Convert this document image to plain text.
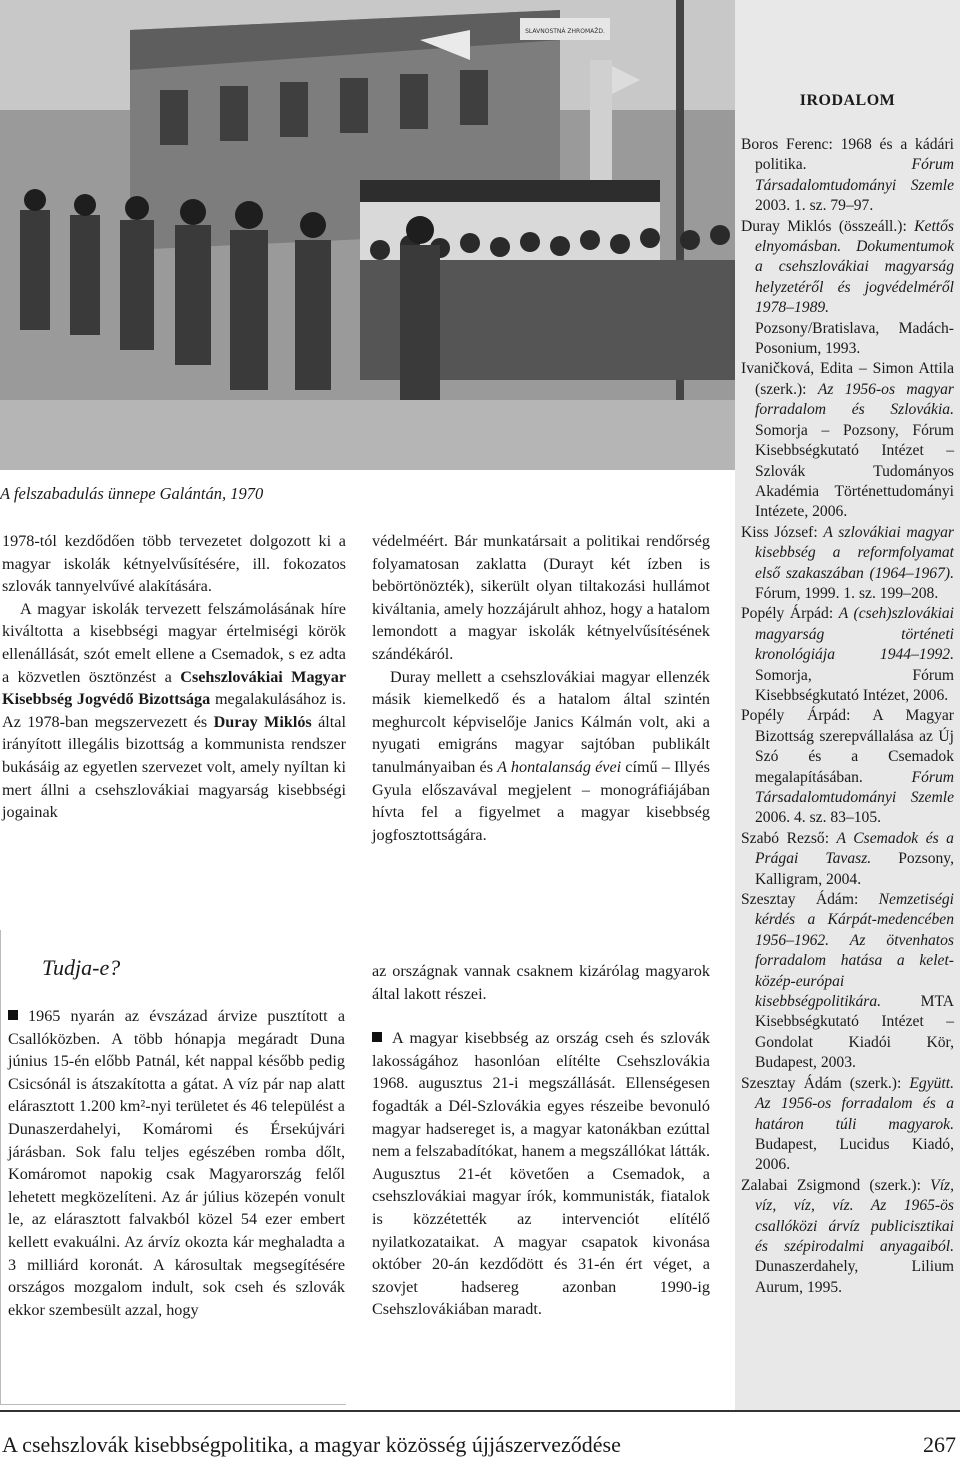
SLAVNOSTNÁ ZHROMAŽD.
A felszabadulás ünnepe Galántán, 1970

1978-tól kezdődően több tervezetet dolgozott ki a magyar iskolák kétnyelvűsítésére, ill. fokozatos szlovák tannyelvűvé alakítására.

A magyar iskolák tervezett felszámolásának híre kiváltotta a kisebbségi magyar értelmiségi körök ellenállását, szót emelt ellene a Csemadok, s ez adta a közvetlen ösztönzést a Csehszlovákiai Magyar Kisebbség Jogvédő Bizottsága megalakulásához is. Az 1978-ban megszervezett és Duray Miklós által irányított illegális bizottság a kommunista rendszer bukásáig az egyetlen szervezet volt, amely nyíltan ki mert állni a csehszlovákiai magyarság kisebbségi jogainak

védelméért. Bár munkatársait a politikai rendőrség folyamatosan zaklatta (Durayt két ízben is bebörtönözték), sikerült olyan tiltakozási hullámot kiváltania, amely hozzájárult ahhoz, hogy a hatalom lemondott a magyar iskolák kétnyelvűsítésének szándékáról.

Duray mellett a csehszlovákiai magyar ellenzék másik kiemelkedő és a hatalom által szintén meghurcolt képviselője Janics Kálmán volt, aki a nyugati emigráns magyar sajtóban publikált tanulmányaiban és A hontalanság évei című – Illyés Gyula előszavával megjelent – monográfiájában hívta fel a figyelmet a magyar kisebbség jogfosztottságára.

Tudja-e?

1965 nyarán az évszázad árvize pusztított a Csallóközben. A több hónapja megáradt Duna június 15-én előbb Patnál, két nappal később pedig Csicsónál is átszakította a gátat. A víz pár nap alatt elárasztott 1.200 km²-nyi területet és 46 települést a Dunaszerdahelyi, Komáromi és Érsekújvári járásban. Sok falu teljes egészében romba dőlt, Komáromot napokig csak Magyarország felől lehetett megközelíteni. Az ár július közepén vonult le, az elárasztott falvakból közel 54 ezer embert kellett evakuálni. Az árvíz okozta kár meghaladta a 3 milliárd koronát. A károsultak megsegítésére országos mozgalom indult, sok cseh és szlovák ekkor szembesült azzal, hogy

az országnak vannak csaknem kizárólag magyarok által lakott részei.

A magyar kisebbség az ország cseh és szlovák lakosságához hasonlóan elítélte Csehszlovákia 1968. augusztus 21-i megszállását. Ellenségesen fogadták a Dél-Szlovákia egyes részeibe bevonuló magyar hadsereget is, a magyar katonákban ezúttal nem a felszabadítókat, hanem a megszállókat látták. Augusztus 21-ét követően a Csemadok, a csehszlovákiai magyar írók, kommunisták, fiatalok is közzétették az intervenciót elítélő nyilatkozataikat. A magyar csapatok kivonása október 20-án kezdődött és 31-én ért véget, a szovjet hadsereg azonban 1990-ig Csehszlovákiában maradt.

IRODALOM

Boros Ferenc: 1968 és a kádári politika. Fórum Társadalomtudományi Szemle 2003. 1. sz. 79–97.

Duray Miklós (összeáll.): Kettős elnyomásban. Dokumentumok a csehszlovákiai magyarság helyzetéről és jogvédelméről 1978–1989. Pozsony/Bratislava, Madách-Posonium, 1993.

Ivaničková, Edita – Simon Attila (szerk.): Az 1956-os magyar forradalom és Szlovákia. Somorja – Pozsony, Fórum Kisebbségkutató Intézet – Szlovák Tudományos Akadémia Történettudományi Intézete, 2006.

Kiss József: A szlovákiai magyar kisebbség a reformfolyamat első szakaszában (1964–1967). Fórum, 1999. 1. sz. 199–208.

Popély Árpád: A (cseh)szlovákiai magyarság történeti kronológiája 1944–1992. Somorja, Fórum Kisebbségkutató Intézet, 2006.

Popély Árpád: A Magyar Bizottság szerepvállalása az Új Szó és a Csemadok megalapításában. Fórum Társadalomtudományi Szemle 2006. 4. sz. 83–105.

Szabó Rezső: A Csemadok és a Prágai Tavasz. Pozsony, Kalligram, 2004.

Szesztay Ádám: Nemzetiségi kérdés a Kárpát-medencében 1956–1962. Az ötvenhatos forradalom hatása a kelet-közép-európai kisebbségpolitikára. MTA Kisebbségkutató Intézet – Gondolat Kiadói Kör, Budapest, 2003.

Szesztay Ádám (szerk.): Együtt. Az 1956-os forradalom és a határon túli magyarok. Budapest, Lucidus Kiadó, 2006.

Zalabai Zsigmond (szerk.): Víz, víz, víz, víz. Az 1965-ös csallóközi árvíz publicisztikai és szépirodalmi anyagaiból. Dunaszerdahely, Lilium Aurum, 1995.

A csehszlovák kisebbségpolitika, a magyar közösség újjászerveződése	267
